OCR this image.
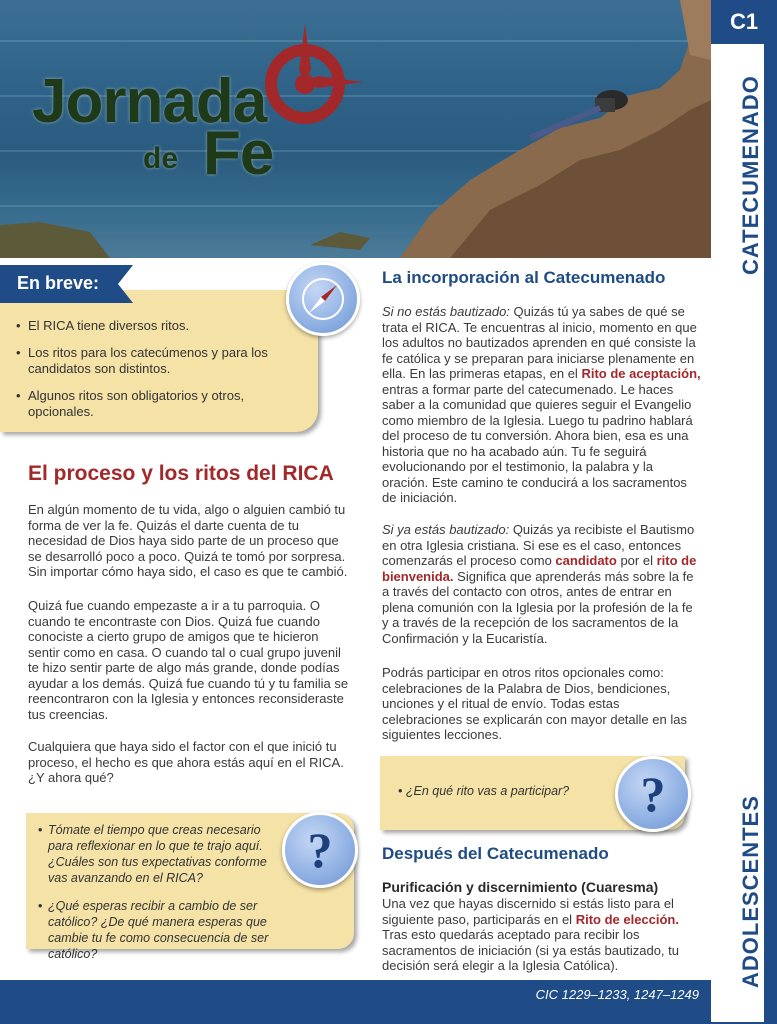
Jornada
de Fe
C1
CATECUMENADO
ADOLESCENTES
En breve:
• El RICA tiene diversos ritos.
• Los ritos para los catecúmenos y para los candidatos son distintos.
• Algunos ritos son obligatorios y otros, opcionales.
El proceso y los ritos del RICA
En algún momento de tu vida, algo o alguien cambió tu forma de ver la fe. Quizás el darte cuenta de tu necesidad de Dios haya sido parte de un proceso que se desarrolló poco a poco. Quizá te tomó por sorpresa. Sin importar cómo haya sido, el caso es que te cambió.
Quizá fue cuando empezaste a ir a tu parroquia. O cuando te encontraste con Dios. Quizá fue cuando conociste a cierto grupo de amigos que te hicieron sentir como en casa. O cuando tal o cual grupo juvenil te hizo sentir parte de algo más grande, donde podías ayudar a los demás. Quizá fue cuando tú y tu familia se reencontraron con la Iglesia y entonces reconsideraste tus creencias.
Cualquiera que haya sido el factor con el que inició tu proceso, el hecho es que ahora estás aquí en el RICA. ¿Y ahora qué?
• Tómate el tiempo que creas necesario para reflexionar en lo que te trajo aquí. ¿Cuáles son tus expectativas conforme vas avanzando en el RICA?
• ¿Qué esperas recibir a cambio de ser católico? ¿De qué manera esperas que cambie tu fe como consecuencia de ser católico?
?
La incorporación al Catecumenado
Si no estás bautizado: Quizás tú ya sabes de qué se trata el RICA. Te encuentras al inicio, momento en que los adultos no bautizados aprenden en qué consiste la fe católica y se preparan para iniciarse plenamente en ella. En las primeras etapas, en el Rito de aceptación, entras a formar parte del catecumenado. Le haces saber a la comunidad que quieres seguir el Evangelio como miembro de la Iglesia. Luego tu padrino hablará del proceso de tu conversión. Ahora bien, esa es una historia que no ha acabado aún. Tu fe seguirá evolucionando por el testimonio, la palabra y la oración. Este camino te conducirá a los sacramentos de iniciación.
Si ya estás bautizado: Quizás ya recibiste el Bautismo en otra Iglesia cristiana. Si ese es el caso, entonces comenzarás el proceso como candidato por el rito de bienvenida. Significa que aprenderás más sobre la fe a través del contacto con otros, antes de entrar en plena comunión con la Iglesia por la profesión de la fe y a través de la recepción de los sacramentos de la Confirmación y la Eucaristía.
Podrás participar en otros ritos opcionales como: celebraciones de la Palabra de Dios, bendiciones, unciones y el ritual de envío. Todas estas celebraciones se explicarán con mayor detalle en las siguientes lecciones.
• ¿En qué rito vas a participar?	?
Después del Catecumenado
Purificación y discernimiento (Cuaresma)
Una vez que hayas discernido si estás listo para el siguiente paso, participarás en el Rito de elección. Tras esto quedarás aceptado para recibir los sacramentos de iniciación (si ya estás bautizado, tu decisión será elegir a la Iglesia Católica).
CIC 1229–1233, 1247–1249
